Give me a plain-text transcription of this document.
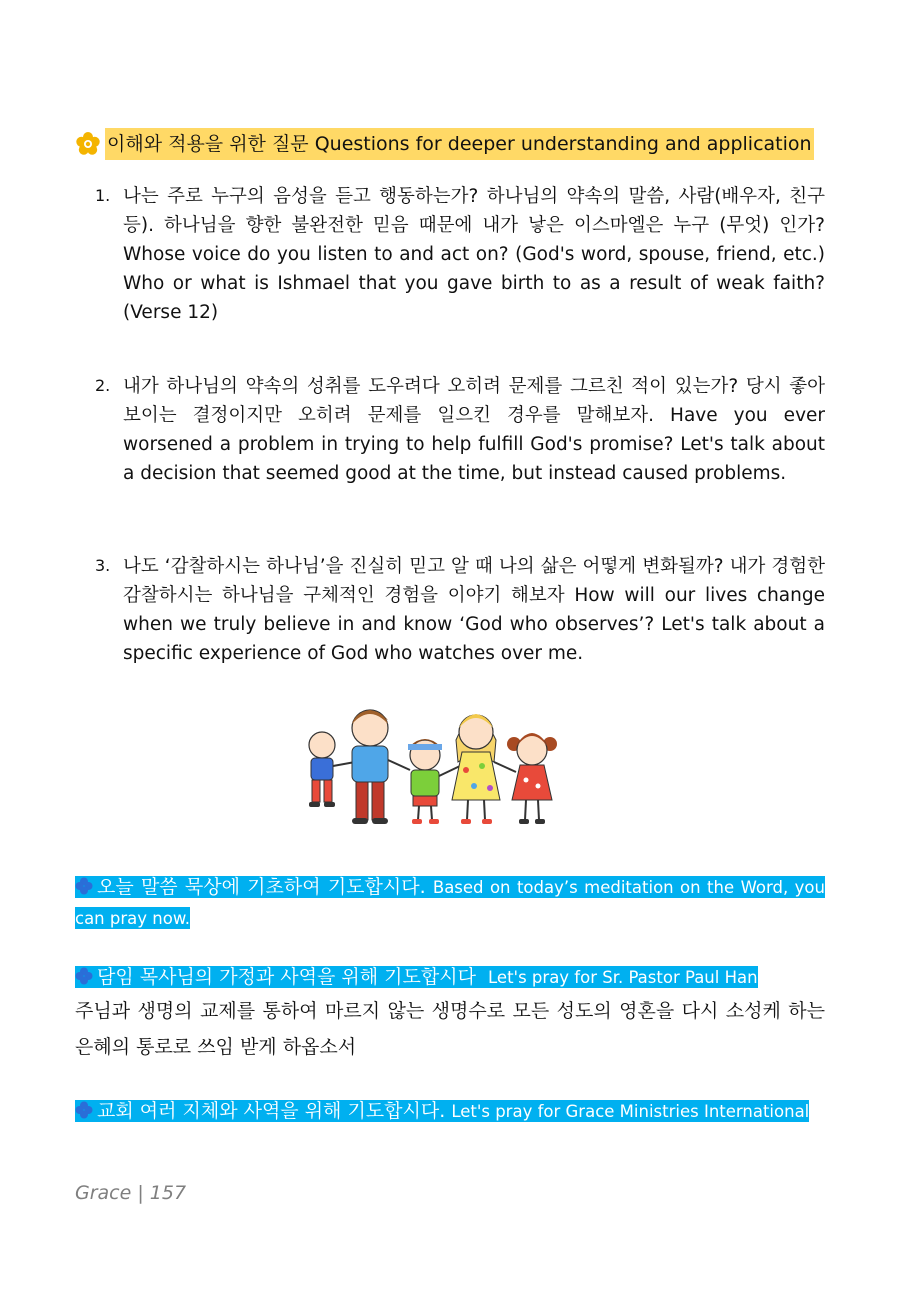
이해와 적용을 위한 질문 Questions for deeper understanding and application
1. 나는 주로 누구의 음성을 듣고 행동하는가? 하나님의 약속의 말씀, 사람(배우자, 친구 등). 하나님을 향한 불완전한 믿음 때문에 내가 낳은 이스마엘은 누구 (무엇) 인가? Whose voice do you listen to and act on? (God's word, spouse, friend, etc.) Who or what is Ishmael that you gave birth to as a result of weak faith? (Verse 12)
2. 내가 하나님의 약속의 성취를 도우려다 오히려 문제를 그르친 적이 있는가? 당시 좋아 보이는 결정이지만 오히려 문제를 일으킨 경우를 말해보자. Have you ever worsened a problem in trying to help fulfill God's promise? Let's talk about a decision that seemed good at the time, but instead caused problems.
3. 나도 ‘감찰하시는 하나님’을 진실히 믿고 알 때 나의 삶은 어떻게 변화될까? 내가 경험한 감찰하시는 하나님을 구체적인 경험을 이야기 해보자 How will our lives change when we truly believe in and know ‘God who observes’? Let's talk about a specific experience of God who watches over me.
오늘 말씀 묵상에 기초하여 기도합시다. Based on today’s meditation on the Word, you can pray now.
담임 목사님의 가정과 사역을 위해 기도합시다 Let's pray for Sr. Pastor Paul Han
주님과 생명의 교제를 통하여 마르지 않는 생명수로 모든 성도의 영혼을 다시 소성케 하는 은혜의 통로로 쓰임 받게 하옵소서
교회 여러 지체와 사역을 위해 기도합시다. Let's pray for Grace Ministries International
Grace | 157
